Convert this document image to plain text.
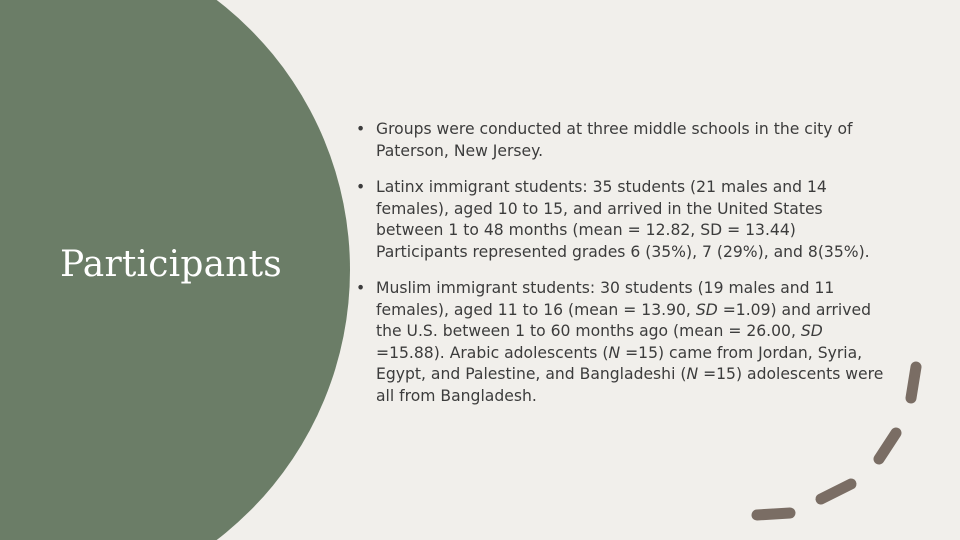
Participants
• Groups were conducted at three middle schools in the city of Paterson, New Jersey.
• Latinx immigrant students: 35 students (21 males and 14 females), aged 10 to 15, and arrived in the United States between 1 to 48 months (mean = 12.82, SD = 13.44) Participants represented grades 6 (35%), 7 (29%), and 8(35%).
• Muslim immigrant students: 30 students (19 males and 11 females), aged 11 to 16 (mean = 13.90, SD =1.09) and arrived the U.S. between 1 to 60 months ago (mean = 26.00, SD =15.88). Arabic adolescents (N =15) came from Jordan, Syria, Egypt, and Palestine, and Bangladeshi (N =15) adolescents were all from Bangladesh.
